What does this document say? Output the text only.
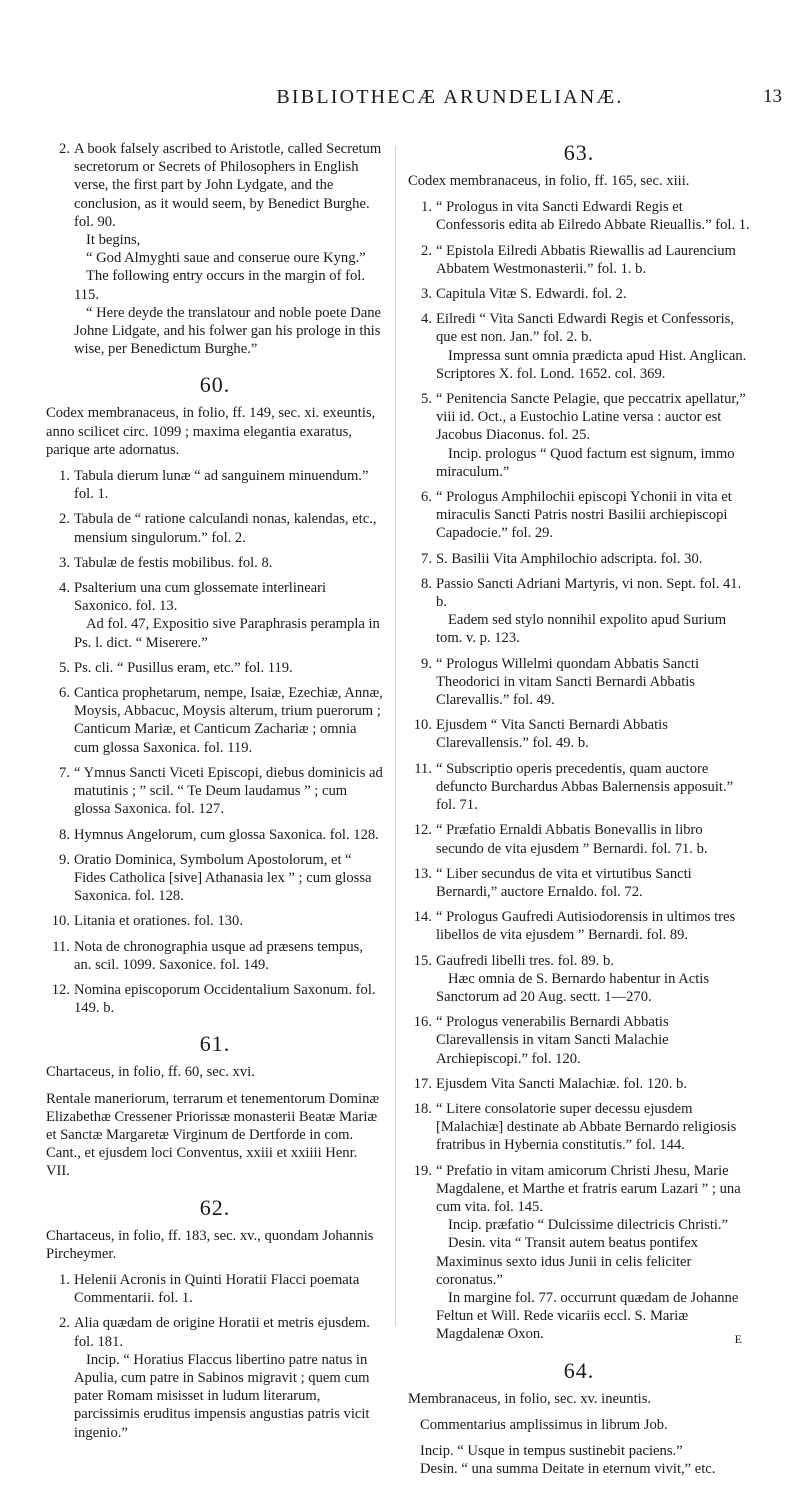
BIBLIOTHECÆ ARUNDELIANÆ.	13
2. A book falsely ascribed to Aristotle, called Secretum secretorum or Secrets of Philosophers in English verse, the first part by John Lydgate, and the conclusion, as it would seem, by Benedict Burghe. fol. 90.

It begins,

“ God Almyghti saue and conserue oure Kyng.”

The following entry occurs in the margin of fol. 115.

“ Here deyde the translatour and noble poete Dane Johne Lidgate, and his folwer gan his prologe in this wise, per Benedictum Burghe.”

60.

Codex membranaceus, in folio, ff. 149, sec. xi. exeuntis, anno scilicet circ. 1099 ; maxima elegantia exaratus, parique arte adornatus.

1. Tabula dierum lunæ “ ad sanguinem minuendum.” fol. 1.

2. Tabula de “ ratione calculandi nonas, kalendas, etc., mensium singulorum.” fol. 2.

3. Tabulæ de festis mobilibus. fol. 8.

4. Psalterium una cum glossemate interlineari Saxonico. fol. 13.

Ad fol. 47, Expositio sive Paraphrasis perampla in Ps. l. dict. “ Miserere.”

5. Ps. cli. “ Pusillus eram, etc.” fol. 119.

6. Cantica prophetarum, nempe, Isaiæ, Ezechiæ, Annæ, Moysis, Abbacuc, Moysis alterum, trium puerorum ; Canticum Mariæ, et Canticum Zachariæ ; omnia cum glossa Saxonica. fol. 119.

7. “ Ymnus Sancti Viceti Episcopi, diebus dominicis ad matutinis ; ” scil. “ Te Deum laudamus ” ; cum glossa Saxonica. fol. 127.

8. Hymnus Angelorum, cum glossa Saxonica. fol. 128.

9. Oratio Dominica, Symbolum Apostolorum, et “ Fides Catholica [sive] Athanasia lex ” ; cum glossa Saxonica. fol. 128.

10. Litania et orationes. fol. 130.

11. Nota de chronographia usque ad præsens tempus, an. scil. 1099. Saxonice. fol. 149.

12. Nomina episcoporum Occidentalium Saxonum. fol. 149. b.

61.

Chartaceus, in folio, ff. 60, sec. xvi.

Rentale maneriorum, terrarum et tenementorum Dominæ Elizabethæ Cressener Priorissæ monasterii Beatæ Mariæ et Sanctæ Margaretæ Virginum de Dertforde in com. Cant., et ejusdem loci Conventus, xxiii et xxiiii Henr. VII.

62.

Chartaceus, in folio, ff. 183, sec. xv., quondam Johannis Pircheymer.

1. Helenii Acronis in Quinti Horatii Flacci poemata Commentarii. fol. 1.

2. Alia quædam de origine Horatii et metris ejusdem. fol. 181.

Incip. “ Horatius Flaccus libertino patre natus in Apulia, cum patre in Sabinos migravit ; quem cum pater Romam misisset in ludum literarum, parcissimis eruditus impensis angustias patris vicit ingenio.”

63.

Codex membranaceus, in folio, ff. 165, sec. xiii.

1. “ Prologus in vita Sancti Edwardi Regis et Confessoris edita ab Eilredo Abbate Rieuallis.” fol. 1.

2. “ Epistola Eilredi Abbatis Riewallis ad Laurencium Abbatem Westmonasterii.” fol. 1. b.

3. Capitula Vitæ S. Edwardi. fol. 2.

4. Eilredi “ Vita Sancti Edwardi Regis et Confessoris, que est non. Jan.” fol. 2. b.

Impressa sunt omnia prædicta apud Hist. Anglican. Scriptores X. fol. Lond. 1652. col. 369.

5. “ Penitencia Sancte Pelagie, que peccatrix apellatur,” viii id. Oct., a Eustochio Latine versa : auctor est Jacobus Diaconus. fol. 25.

Incip. prologus “ Quod factum est signum, immo miraculum.”

6. “ Prologus Amphilochii episcopi Ychonii in vita et miraculis Sancti Patris nostri Basilii archiepiscopi Capadocie.” fol. 29.

7. S. Basilii Vita Amphilochio adscripta. fol. 30.

8. Passio Sancti Adriani Martyris, vi non. Sept. fol. 41. b.

Eadem sed stylo nonnihil expolito apud Surium tom. v. p. 123.

9. “ Prologus Willelmi quondam Abbatis Sancti Theodorici in vitam Sancti Bernardi Abbatis Clarevallis.” fol. 49.

10. Ejusdem “ Vita Sancti Bernardi Abbatis Clarevallensis.” fol. 49. b.

11. “ Subscriptio operis precedentis, quam auctore defuncto Burchardus Abbas Balernensis apposuit.” fol. 71.

12. “ Præfatio Ernaldi Abbatis Bonevallis in libro secundo de vita ejusdem ” Bernardi. fol. 71. b.

13. “ Liber secundus de vita et virtutibus Sancti Bernardi,” auctore Ernaldo. fol. 72.

14. “ Prologus Gaufredi Autisiodorensis in ultimos tres libellos de vita ejusdem ” Bernardi. fol. 89.

15. Gaufredi libelli tres. fol. 89. b.

Hæc omnia de S. Bernardo habentur in Actis Sanctorum ad 20 Aug. sectt. 1—270.

16. “ Prologus venerabilis Bernardi Abbatis Clarevallensis in vitam Sancti Malachie Archiepiscopi.” fol. 120.

17. Ejusdem Vita Sancti Malachiæ. fol. 120. b.

18. “ Litere consolatorie super decessu ejusdem [Malachiæ] destinate ab Abbate Bernardo religiosis fratribus in Hybernia constitutis.” fol. 144.

19. “ Prefatio in vitam amicorum Christi Jhesu, Marie Magdalene, et Marthe et fratris earum Lazari ” ; una cum vita. fol. 145.

Incip. præfatio “ Dulcissime dilectricis Christi.”

Desin. vita “ Transit autem beatus pontifex Maximinus sexto idus Junii in celis feliciter coronatus.”

In margine fol. 77. occurrunt quædam de Johanne Feltun et Will. Rede vicariis eccl. S. Mariæ Magdalenæ Oxon.

64.

Membranaceus, in folio, sec. xv. ineuntis.

Commentarius amplissimus in librum Job.

Incip. “ Usque in tempus sustinebit paciens.”

Desin. “ una summa Deitate in eternum vivit,” etc.

E
